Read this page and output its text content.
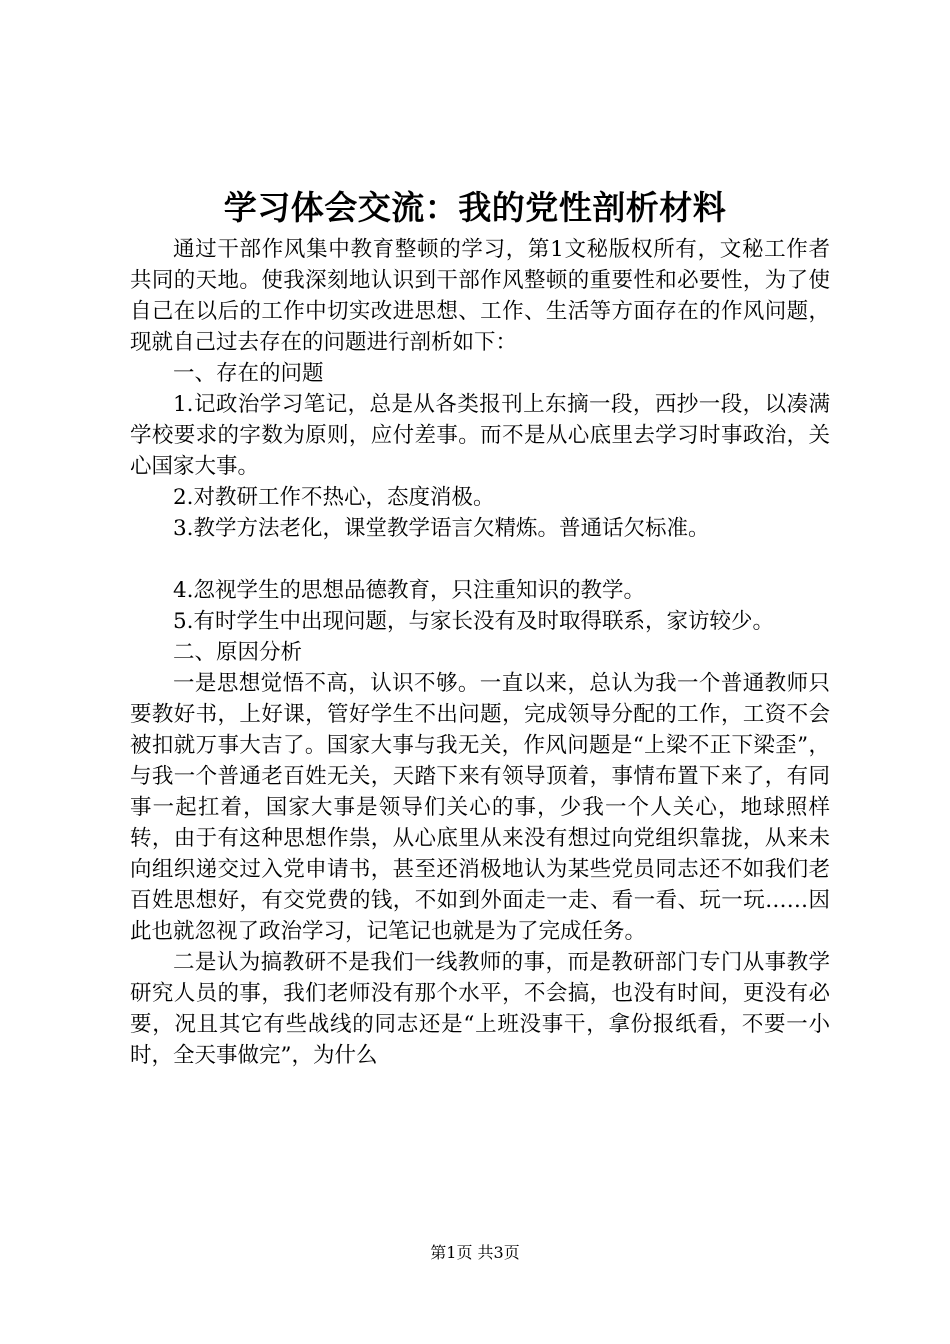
学习体会交流：我的党性剖析材料

通过干部作风集中教育整顿的学习，第1文秘版权所有，文秘工作者共同的天地。使我深刻地认识到干部作风整顿的重要性和必要性，为了使自己在以后的工作中切实改进思想、工作、生活等方面存在的作风问题，现就自己过去存在的问题进行剖析如下：

一、存在的问题

1.记政治学习笔记，总是从各类报刊上东摘一段，西抄一段，以凑满学校要求的字数为原则，应付差事。而不是从心底里去学习时事政治，关心国家大事。

2.对教研工作不热心，态度消极。

3.教学方法老化，课堂教学语言欠精炼。普通话欠标准。

4.忽视学生的思想品德教育，只注重知识的教学。

5.有时学生中出现问题，与家长没有及时取得联系，家访较少。

二、原因分析

一是思想觉悟不高，认识不够。一直以来，总认为我一个普通教师只要教好书，上好课，管好学生不出问题，完成领导分配的工作，工资不会被扣就万事大吉了。国家大事与我无关，作风问题是“上梁不正下梁歪”，与我一个普通老百姓无关，天踏下来有领导顶着，事情布置下来了，有同事一起扛着，国家大事是领导们关心的事，少我一个人关心，地球照样转，由于有这种思想作祟，从心底里从来没有想过向党组织靠拢，从来未向组织递交过入党申请书，甚至还消极地认为某些党员同志还不如我们老百姓思想好，有交党费的钱，不如到外面走一走、看一看、玩一玩……因此也就忽视了政治学习，记笔记也就是为了完成任务。

二是认为搞教研不是我们一线教师的事，而是教研部门专门从事教学研究人员的事，我们老师没有那个水平，不会搞，也没有时间，更没有必要，况且其它有些战线的同志还是“上班没事干，拿份报纸看，不要一小时，全天事做完”，为什么

第1页 共3页
